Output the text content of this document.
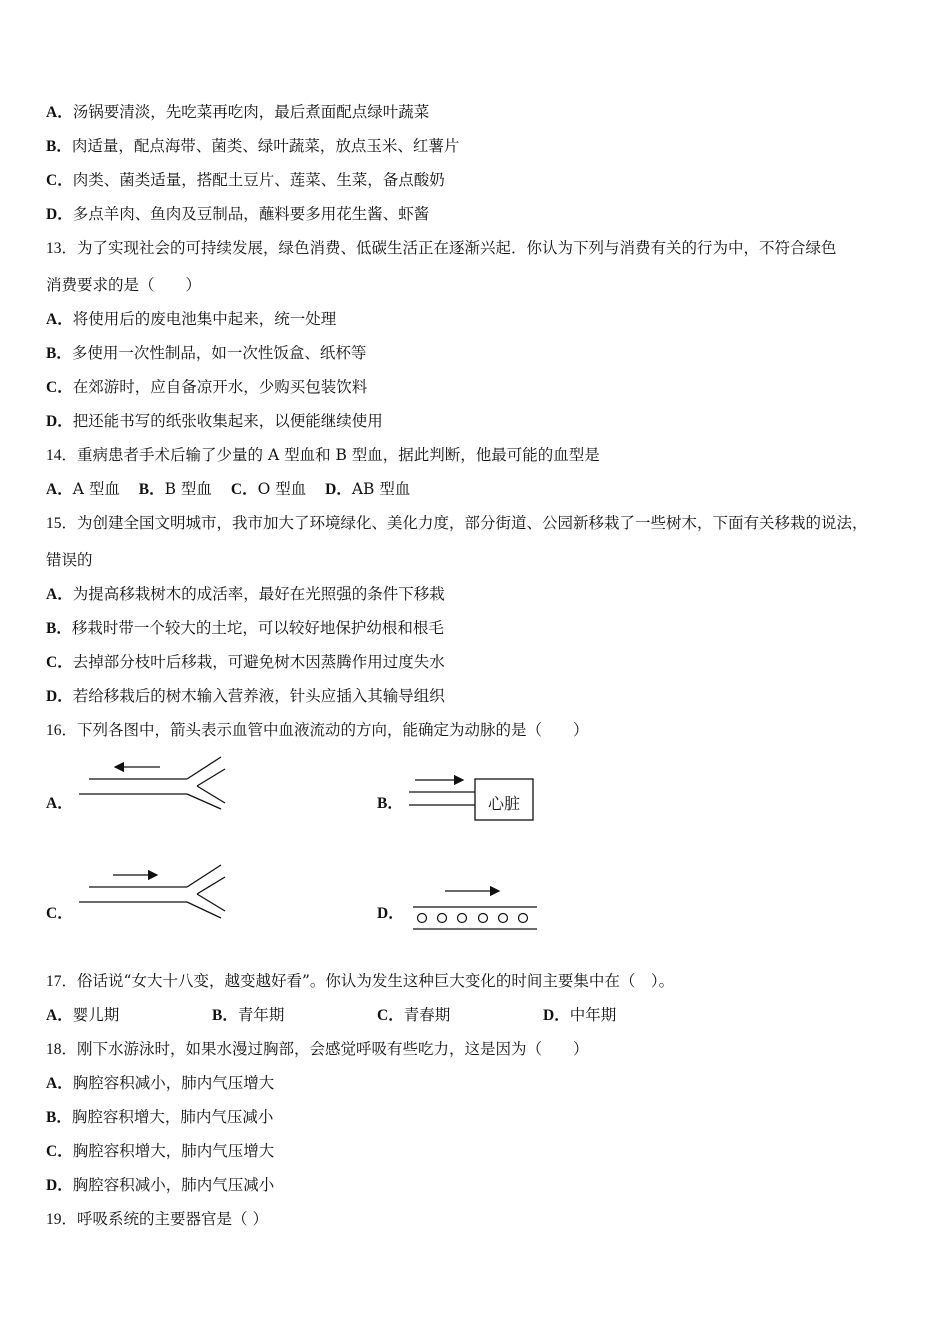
A．汤锅要清淡，先吃菜再吃肉，最后煮面配点绿叶蔬菜
B．肉适量，配点海带、菌类、绿叶蔬菜，放点玉米、红薯片
C．肉类、菌类适量，搭配土豆片、莲菜、生菜，备点酸奶
D．多点羊肉、鱼肉及豆制品，蘸料要多用花生酱、虾酱
13．为了实现社会的可持续发展，绿色消费、低碳生活正在逐渐兴起．你认为下列与消费有关的行为中，不符合绿色
消费要求的是（　　）
A．将使用后的废电池集中起来，统一处理
B．多使用一次性制品，如一次性饭盒、纸杯等
C．在郊游时，应自备凉开水，少购买包装饮料
D．把还能书写的纸张收集起来，以便能继续使用
14．重病患者手术后输了少量的 A 型血和 B 型血，据此判断，他最可能的血型是
A．A 型血 B．B 型血 C．O 型血 D．AB 型血
15．为创建全国文明城市，我市加大了环境绿化、美化力度，部分街道、公园新移栽了一些树木，下面有关移栽的说法，
错误的
A．为提高移栽树木的成活率，最好在光照强的条件下移栽
B．移栽时带一个较大的土坨，可以较好地保护幼根和根毛
C．去掉部分枝叶后移栽，可避免树木因蒸腾作用过度失水
D．若给移栽后的树木输入营养液，针头应插入其输导组织
16．下列各图中，箭头表示血管中血液流动的方向，能确定为动脉的是（　　）
A．	B．	心脏
C．	D．
17．俗话说“女大十八变，越变越好看”。你认为发生这种巨大变化的时间主要集中在（　）。
A．婴儿期	B．青年期	C．青春期	D．中年期
18．刚下水游泳时，如果水漫过胸部，会感觉呼吸有些吃力，这是因为（　　）
A．胸腔容积减小，肺内气压增大
B．胸腔容积增大，肺内气压减小
C．胸腔容积增大，肺内气压增大
D．胸腔容积减小，肺内气压减小
19．呼吸系统的主要器官是（ ）
